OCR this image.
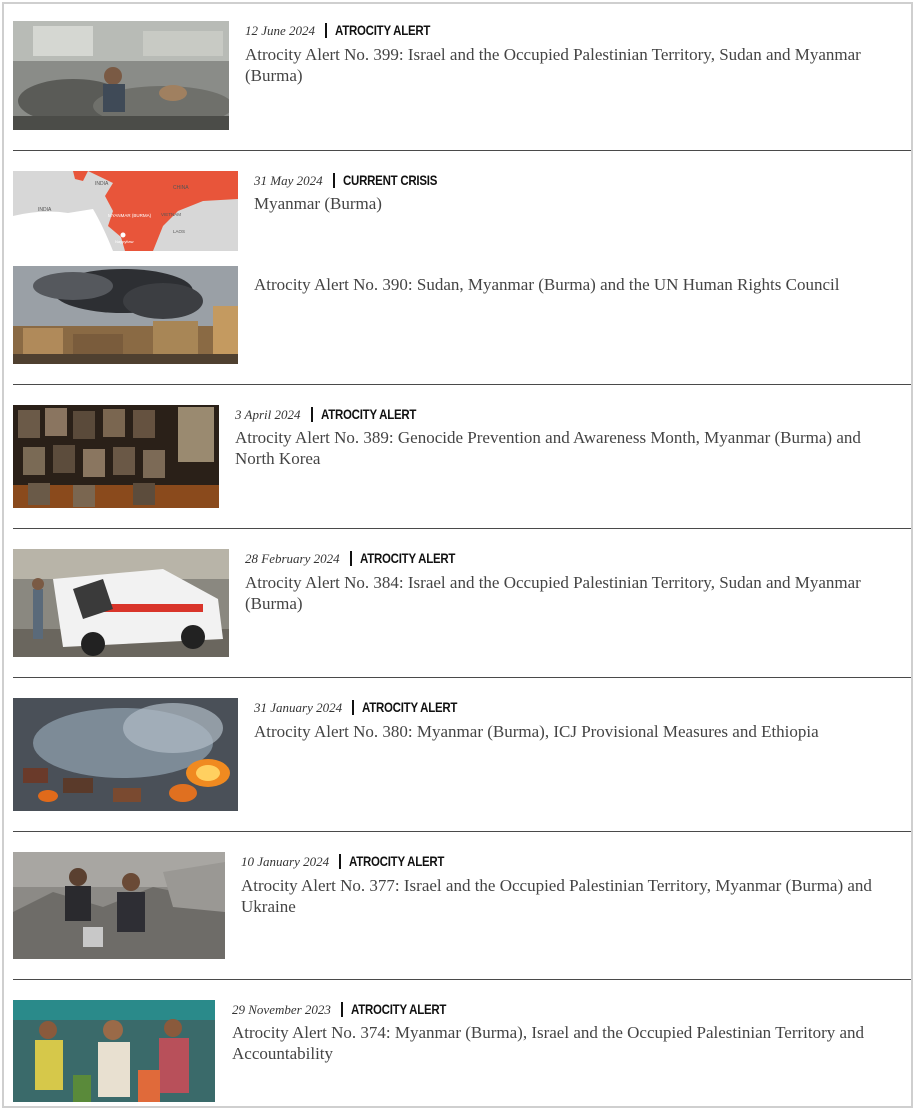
12 June 2024 ATROCITY ALERT
Atrocity Alert No. 399: Israel and the Occupied Palestinian Territory, Sudan and Myanmar (Burma)
INDIA
CHINA
INDIA
MYANMAR (BURMA) VIETNAM
LAOS
Naypyitaw
31 May 2024 CURRENT CRISIS
Myanmar (Burma)
Atrocity Alert No. 390: Sudan, Myanmar (Burma) and the UN Human Rights Council
3 April 2024 ATROCITY ALERT
Atrocity Alert No. 389: Genocide Prevention and Awareness Month, Myanmar (Burma) and North Korea
28 February 2024 ATROCITY ALERT
Atrocity Alert No. 384: Israel and the Occupied Palestinian Territory, Sudan and Myanmar (Burma)
31 January 2024 ATROCITY ALERT
Atrocity Alert No. 380: Myanmar (Burma), ICJ Provisional Measures and Ethiopia
10 January 2024 ATROCITY ALERT
Atrocity Alert No. 377: Israel and the Occupied Palestinian Territory, Myanmar (Burma) and Ukraine
29 November 2023 ATROCITY ALERT
Atrocity Alert No. 374: Myanmar (Burma), Israel and the Occupied Palestinian Territory and Accountability
